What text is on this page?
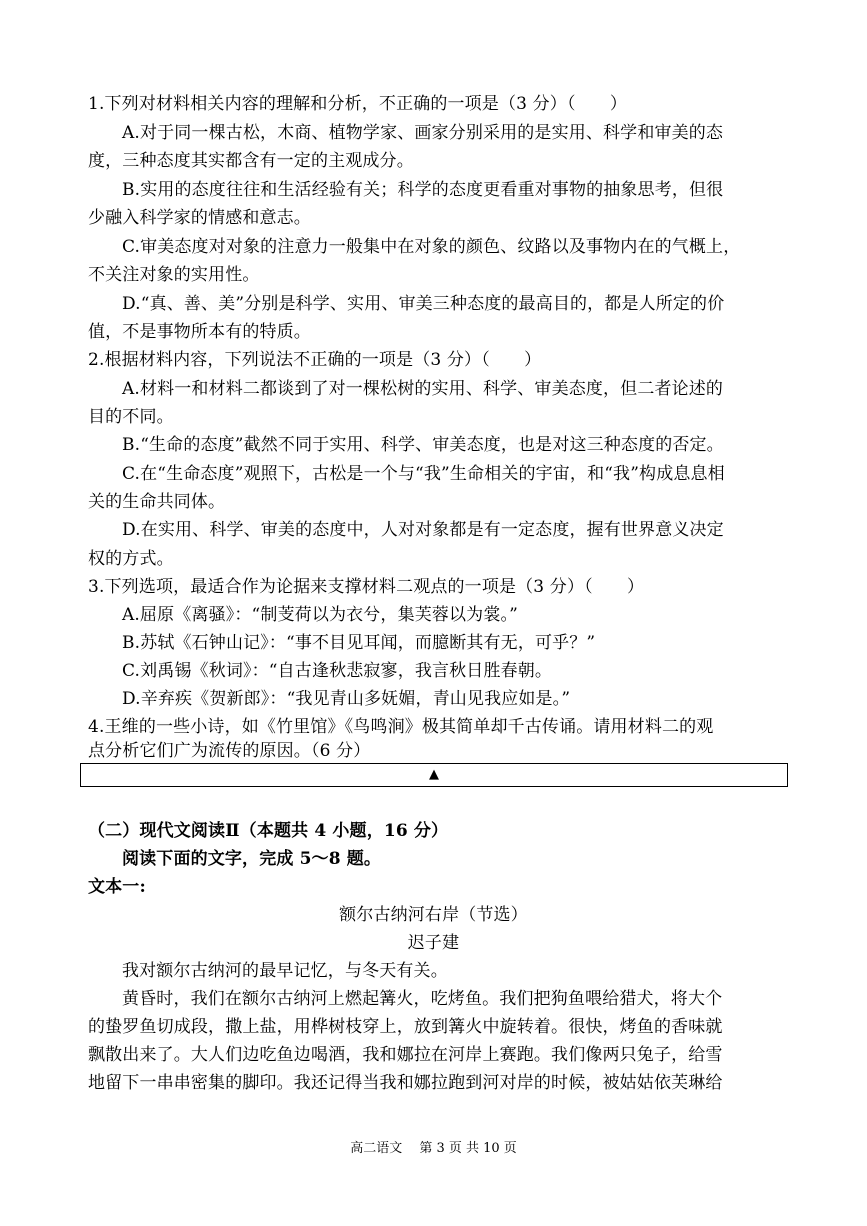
1.下列对材料相关内容的理解和分析，不正确的一项是（3 分）（　　）
A.对于同一棵古松，木商、植物学家、画家分别采用的是实用、科学和审美的态
度，三种态度其实都含有一定的主观成分。
B.实用的态度往往和生活经验有关；科学的态度更看重对事物的抽象思考，但很
少融入科学家的情感和意志。
C.审美态度对对象的注意力一般集中在对象的颜色、纹路以及事物内在的气概上，
不关注对象的实用性。
D.“真、善、美”分别是科学、实用、审美三种态度的最高目的，都是人所定的价
值，不是事物所本有的特质。
2.根据材料内容，下列说法不正确的一项是（3 分）（　　）
A.材料一和材料二都谈到了对一棵松树的实用、科学、审美态度，但二者论述的
目的不同。
B.“生命的态度”截然不同于实用、科学、审美态度，也是对这三种态度的否定。
C.在“生命态度”观照下，古松是一个与“我”生命相关的宇宙，和“我”构成息息相
关的生命共同体。
D.在实用、科学、审美的态度中，人对对象都是有一定态度，握有世界意义决定
权的方式。
3.下列选项，最适合作为论据来支撑材料二观点的一项是（3 分）（　　）
A.屈原《离骚》：“制芰荷以为衣兮，集芙蓉以为裳。”
B.苏轼《石钟山记》：“事不目见耳闻，而臆断其有无，可乎？”
C.刘禹锡《秋词》：“自古逢秋悲寂寥，我言秋日胜春朝。
D.辛弃疾《贺新郎》：“我见青山多妩媚，青山见我应如是。”
4.王维的一些小诗，如《竹里馆》《鸟鸣涧》极其简单却千古传诵。请用材料二的观
点分析它们广为流传的原因。（6 分）
▲
（二）现代文阅读Ⅱ（本题共 4 小题，16 分）
阅读下面的文字，完成 5～8 题。
文本一:
额尔古纳河右岸（节选）
迟子建
我对额尔古纳河的最早记忆，与冬天有关。
黄昏时，我们在额尔古纳河上燃起篝火，吃烤鱼。我们把狗鱼喂给猎犬，将大个
的蛰罗鱼切成段，撒上盐，用桦树枝穿上，放到篝火中旋转着。很快，烤鱼的香味就
飘散出来了。大人们边吃鱼边喝酒，我和娜拉在河岸上赛跑。我们像两只兔子，给雪
地留下一串串密集的脚印。我还记得当我和娜拉跑到河对岸的时候，被姑姑依芙琳给
高二语文　 第 3 页 共 10 页
